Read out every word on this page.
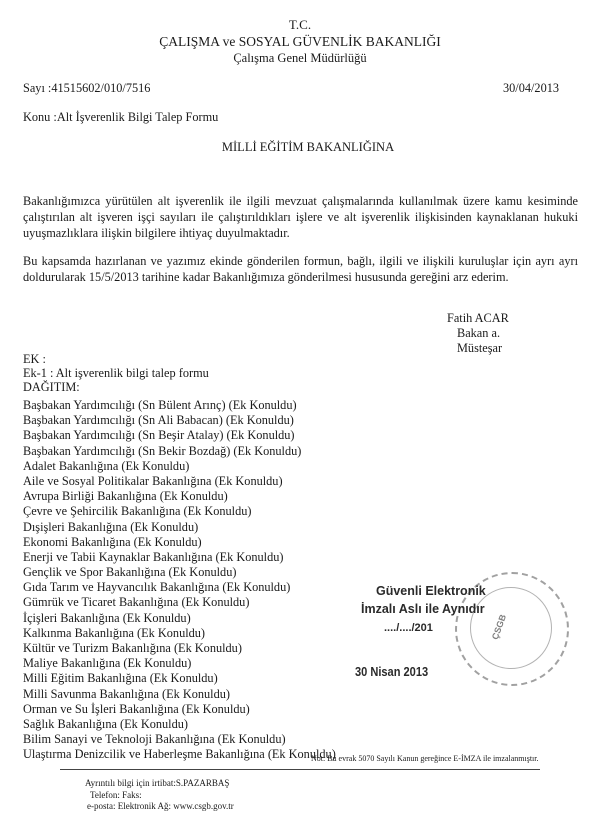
T.C.
ÇALIŞMA ve SOSYAL GÜVENLİK BAKANLIĞI
Çalışma Genel Müdürlüğü
Sayı :41515602/010/7516	30/04/2013
Konu :Alt İşverenlik Bilgi Talep Formu
MİLLİ EĞİTİM BAKANLIĞINA
Bakanlığımızca yürütülen alt işverenlik ile ilgili mevzuat çalışmalarında kullanılmak üzere kamu kesiminde çalıştırılan alt işveren işçi sayıları ile çalıştırıldıkları işlere ve alt işverenlik ilişkisinden kaynaklanan hukuki uyuşmazlıklara ilişkin bilgilere ihtiyaç duyulmaktadır.
Bu kapsamda hazırlanan ve yazımız ekinde gönderilen formun, bağlı, ilgili ve ilişkili kuruluşlar için ayrı ayrı doldurularak 15/5/2013 tarihine kadar Bakanlığımıza gönderilmesi hususunda gereğini arz ederim.
Fatih ACAR
Bakan a.
Müsteşar
EK :
Ek-1 : Alt işverenlik bilgi talep formu
DAĞITIM:
Başbakan Yardımcılığı (Sn Bülent Arınç) (Ek Konuldu)
Başbakan Yardımcılığı (Sn Ali Babacan) (Ek Konuldu)
Başbakan Yardımcılığı (Sn Beşir Atalay) (Ek Konuldu)
Başbakan Yardımcılığı (Sn Bekir Bozdağ) (Ek Konuldu)
Adalet Bakanlığına (Ek Konuldu)
Aile ve Sosyal Politikalar Bakanlığına (Ek Konuldu)
Avrupa Birliği Bakanlığına (Ek Konuldu)
Çevre ve Şehircilik Bakanlığına (Ek Konuldu)
Dışişleri Bakanlığına (Ek Konuldu)
Ekonomi Bakanlığına (Ek Konuldu)
Enerji ve Tabii Kaynaklar Bakanlığına (Ek Konuldu)
Gençlik ve Spor Bakanlığına (Ek Konuldu)
Gıda Tarım ve Hayvancılık Bakanlığına (Ek Konuldu)
Gümrük ve Ticaret Bakanlığına (Ek Konuldu)
İçişleri Bakanlığına (Ek Konuldu)
Kalkınma Bakanlığına (Ek Konuldu)
Kültür ve Turizm Bakanlığına (Ek Konuldu)
Maliye Bakanlığına (Ek Konuldu)
Milli Eğitim Bakanlığına (Ek Konuldu)
Milli Savunma Bakanlığına (Ek Konuldu)
Orman ve Su İşleri Bakanlığına (Ek Konuldu)
Sağlık Bakanlığına (Ek Konuldu)
Bilim Sanayi ve Teknoloji Bakanlığına (Ek Konuldu)
Ulaştırma Denizcilik ve Haberleşme Bakanlığına (Ek Konuldu)
ÇSGB
Güvenli Elektronik
İmzalı Aslı ile Aynıdır
..../..../201
30 Nisan 2013
Not: Bu evrak 5070 Sayılı Kanun gereğince E-İMZA ile imzalanmıştır.
Ayrıntılı bilgi için irtibat:S.PAZARBAŞ
Telefon: Faks:
e-posta: Elektronik Ağ: www.csgb.gov.tr
